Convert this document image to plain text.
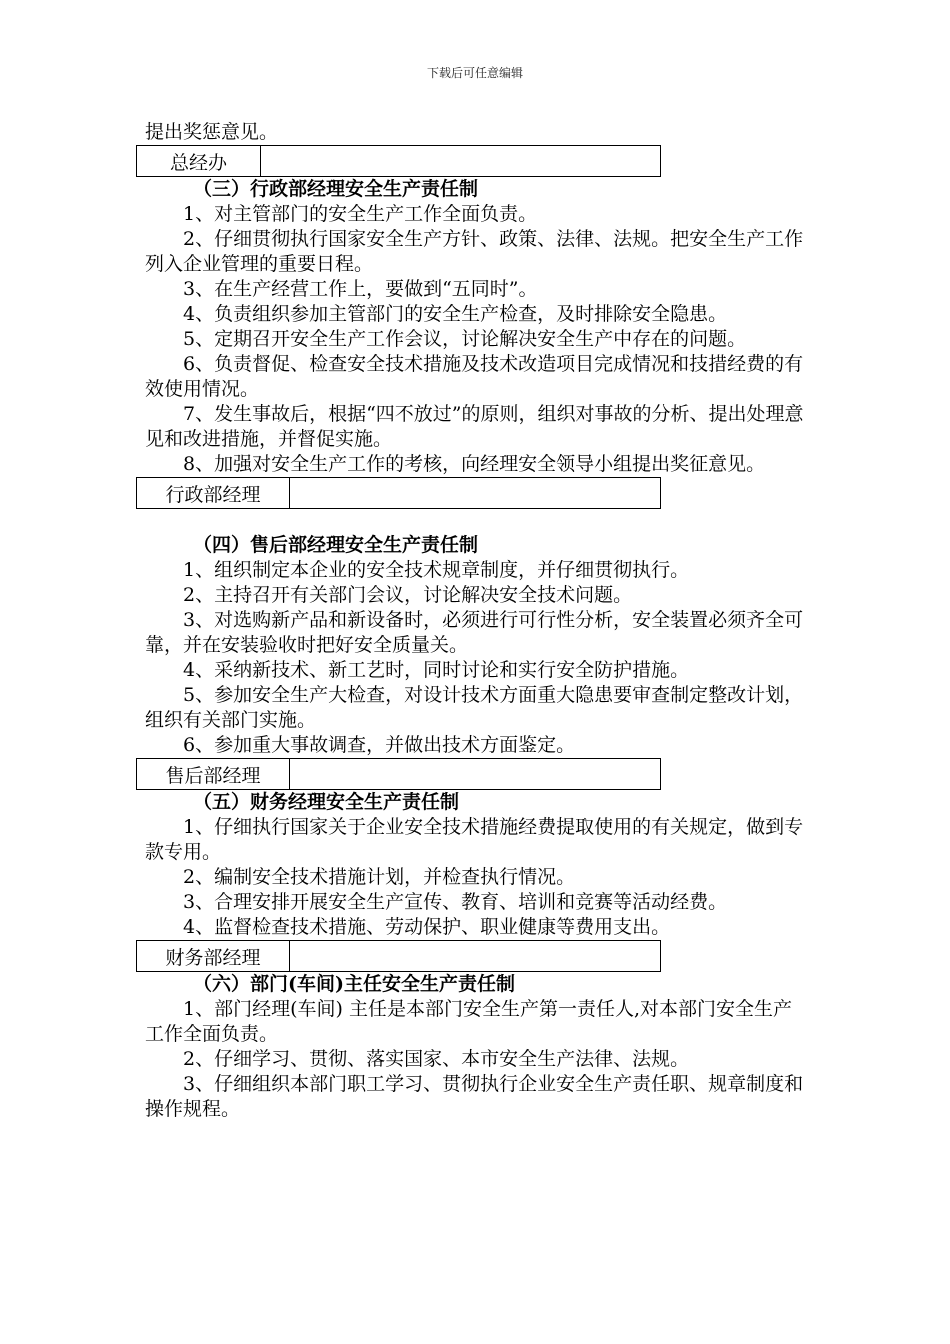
下载后可任意编辑

提出奖惩意见。

总经办	

（三）行政部经理安全生产责任制

1、对主管部门的安全生产工作全面负责。

2、仔细贯彻执行国家安全生产方针、政策、法律、法规。把安全生产工作列入企业管理的重要日程。

3、在生产经营工作上，要做到“五同时”。

4、负责组织参加主管部门的安全生产检查，及时排除安全隐患。

5、定期召开安全生产工作会议，讨论解决安全生产中存在的问题。

6、负责督促、检查安全技术措施及技术改造项目完成情况和技措经费的有效使用情况。

7、发生事故后，根据“四不放过”的原则，组织对事故的分析、提出处理意见和改进措施，并督促实施。

8、加强对安全生产工作的考核，向经理安全领导小组提出奖征意见。

行政部经理	

（四）售后部经理安全生产责任制

1、组织制定本企业的安全技术规章制度，并仔细贯彻执行。

2、主持召开有关部门会议，讨论解决安全技术问题。

3、对选购新产品和新设备时，必须进行可行性分析，安全装置必须齐全可靠，并在安装验收时把好安全质量关。

4、采纳新技术、新工艺时，同时讨论和实行安全防护措施。

5、参加安全生产大检查，对设计技术方面重大隐患要审查制定整改计划，组织有关部门实施。

6、参加重大事故调查，并做出技术方面鉴定。

售后部经理	

（五）财务经理安全生产责任制

1、仔细执行国家关于企业安全技术措施经费提取使用的有关规定，做到专款专用。

2、编制安全技术措施计划，并检查执行情况。

3、合理安排开展安全生产宣传、教育、培训和竞赛等活动经费。

4、监督检查技术措施、劳动保护、职业健康等费用支出。

财务部经理	

（六）部门(车间)主任安全生产责任制

1、部门经理(车间) 主任是本部门安全生产第一责任人,对本部门安全生产工作全面负责。

2、仔细学习、贯彻、落实国家、本市安全生产法律、法规。

3、仔细组织本部门职工学习、贯彻执行企业安全生产责任职、规章制度和操作规程。
